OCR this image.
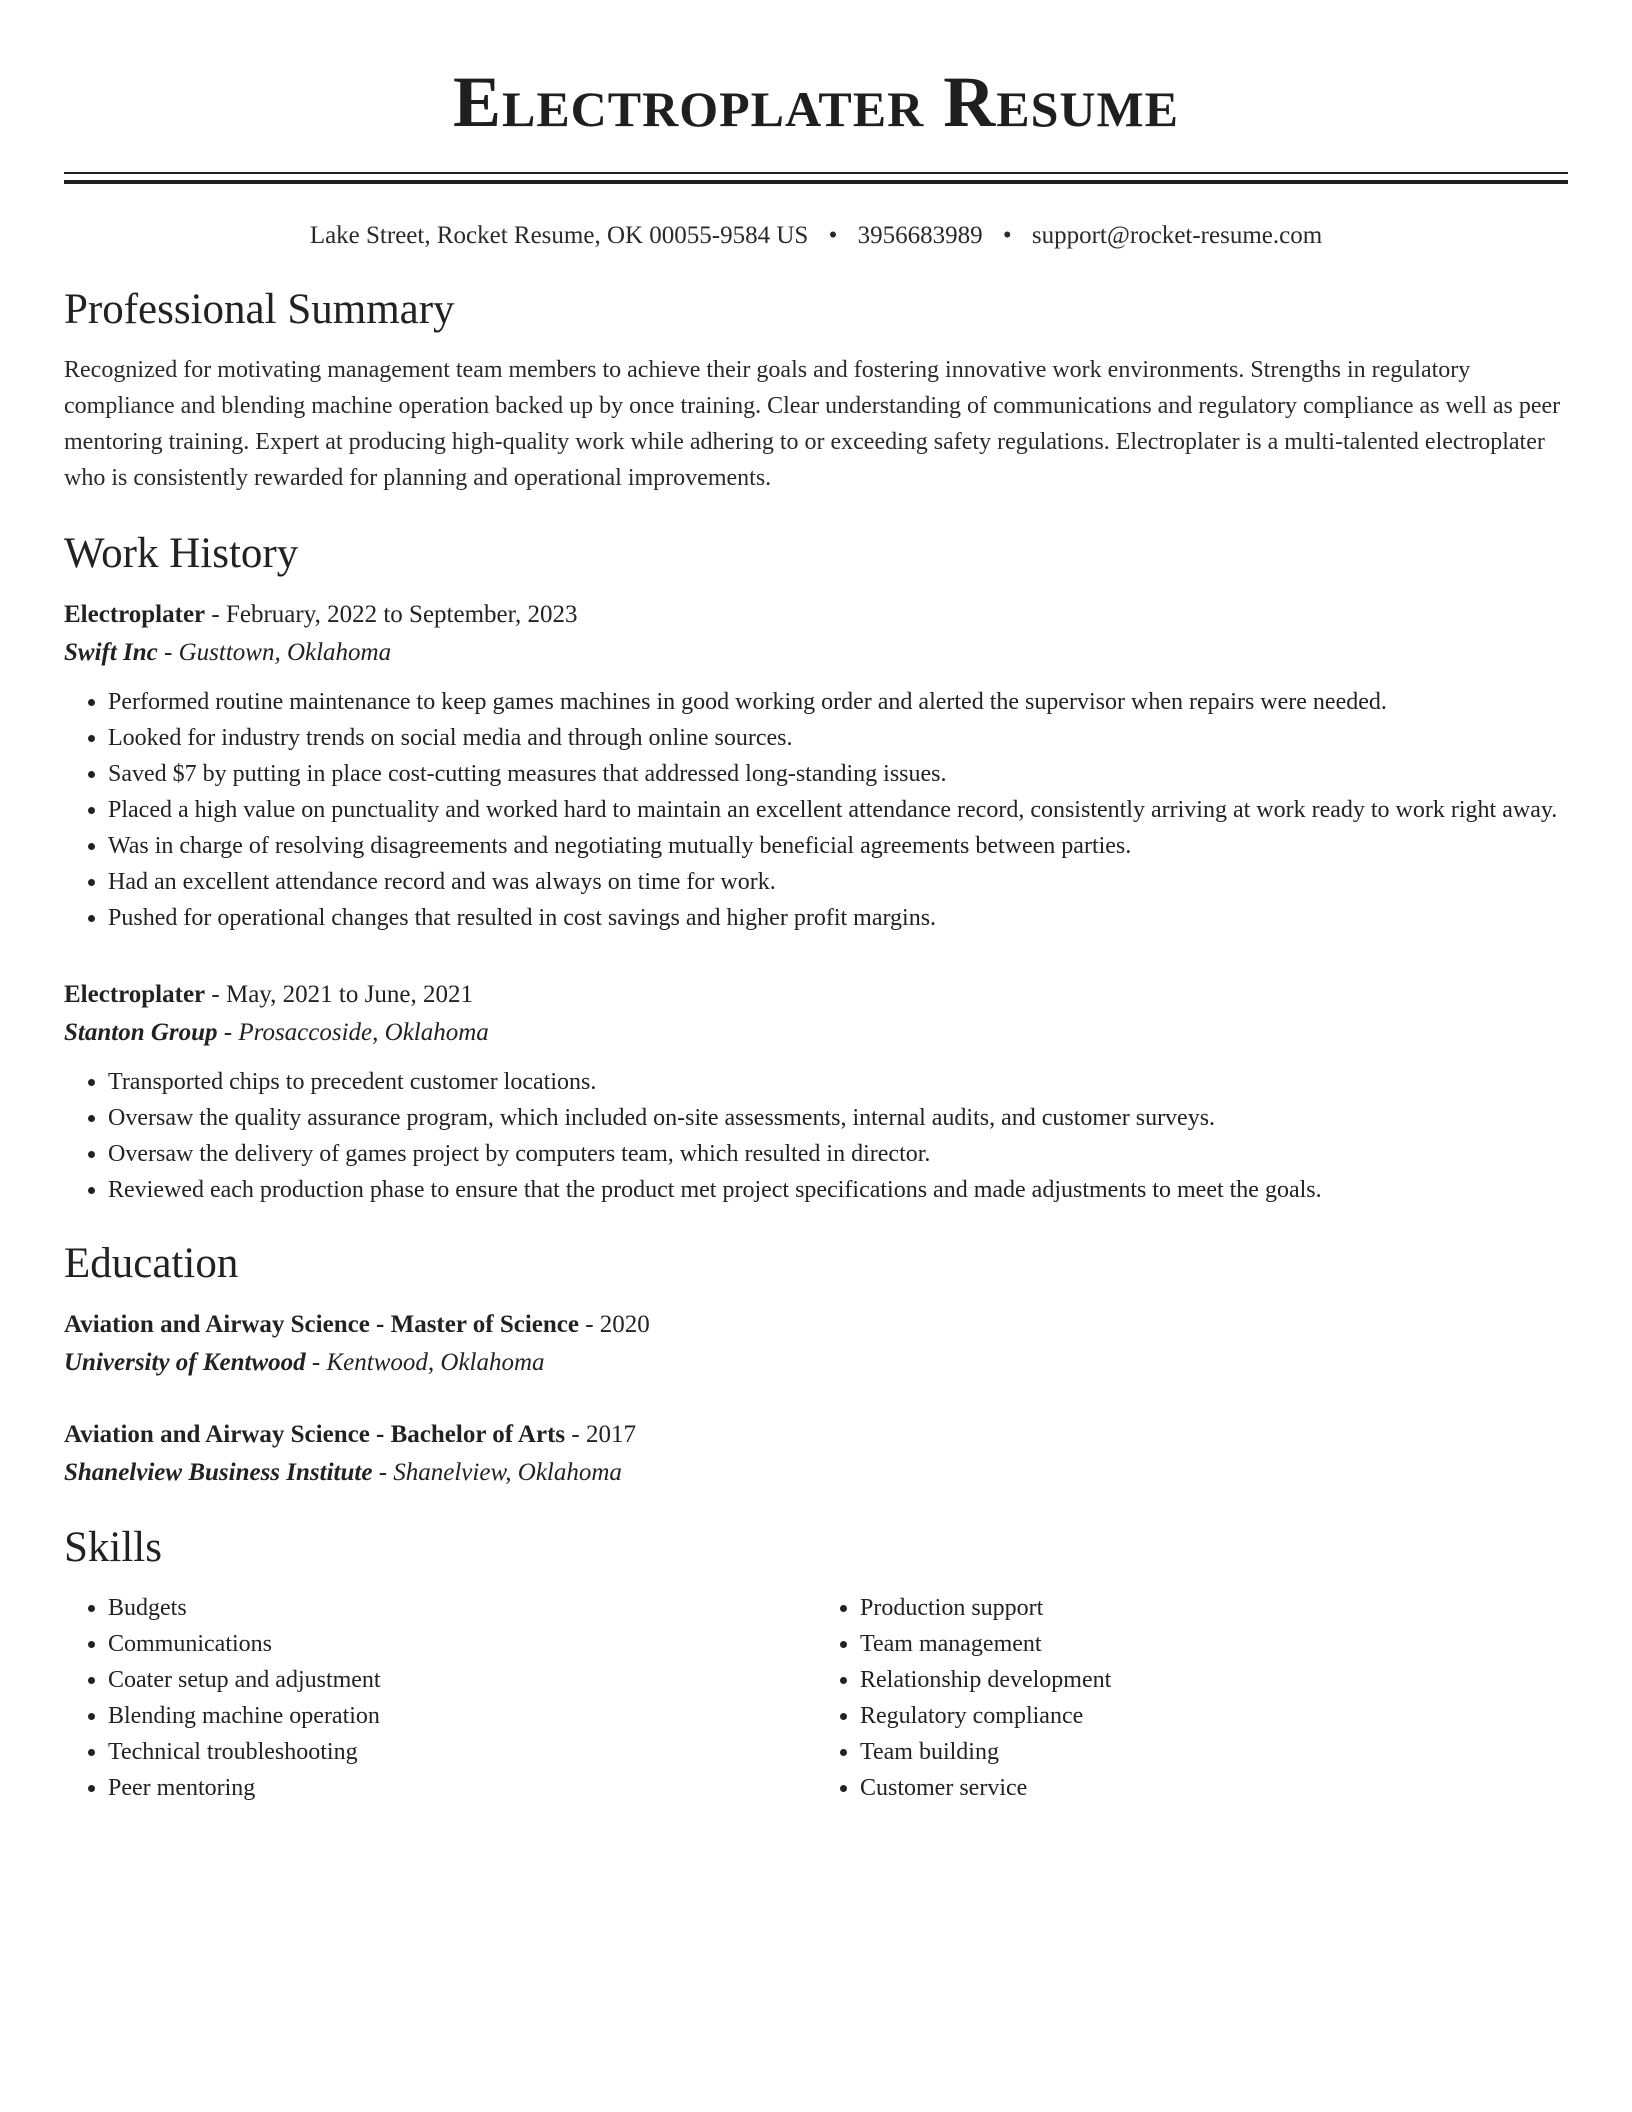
Electroplater Resume
Lake Street, Rocket Resume, OK 00055-9584 US • 3956683989 • support@rocket-resume.com
Professional Summary

Recognized for motivating management team members to achieve their goals and fostering innovative work environments. Strengths in regulatory compliance and blending machine operation backed up by once training. Clear understanding of communications and regulatory compliance as well as peer mentoring training. Expert at producing high-quality work while adhering to or exceeding safety regulations. Electroplater is a multi-talented electroplater who is consistently rewarded for planning and operational improvements.

Work History
Electroplater - February, 2022 to September, 2023
Swift Inc - Gusttown, Oklahoma
• Performed routine maintenance to keep games machines in good working order and alerted the supervisor when repairs were needed.
• Looked for industry trends on social media and through online sources.
• Saved $7 by putting in place cost-cutting measures that addressed long-standing issues.
• Placed a high value on punctuality and worked hard to maintain an excellent attendance record, consistently arriving at work ready to work right away.
• Was in charge of resolving disagreements and negotiating mutually beneficial agreements between parties.
• Had an excellent attendance record and was always on time for work.
• Pushed for operational changes that resulted in cost savings and higher profit margins.
Electroplater - May, 2021 to June, 2021
Stanton Group - Prosaccoside, Oklahoma
• Transported chips to precedent customer locations.
• Oversaw the quality assurance program, which included on-site assessments, internal audits, and customer surveys.
• Oversaw the delivery of games project by computers team, which resulted in director.
• Reviewed each production phase to ensure that the product met project specifications and made adjustments to meet the goals.
Education
Aviation and Airway Science - Master of Science - 2020
University of Kentwood - Kentwood, Oklahoma
Aviation and Airway Science - Bachelor of Arts - 2017
Shanelview Business Institute - Shanelview, Oklahoma
Skills
• Budgets
• Communications
• Coater setup and adjustment
• Blending machine operation
• Technical troubleshooting
• Peer mentoring
• Production support
• Team management
• Relationship development
• Regulatory compliance
• Team building
• Customer service
